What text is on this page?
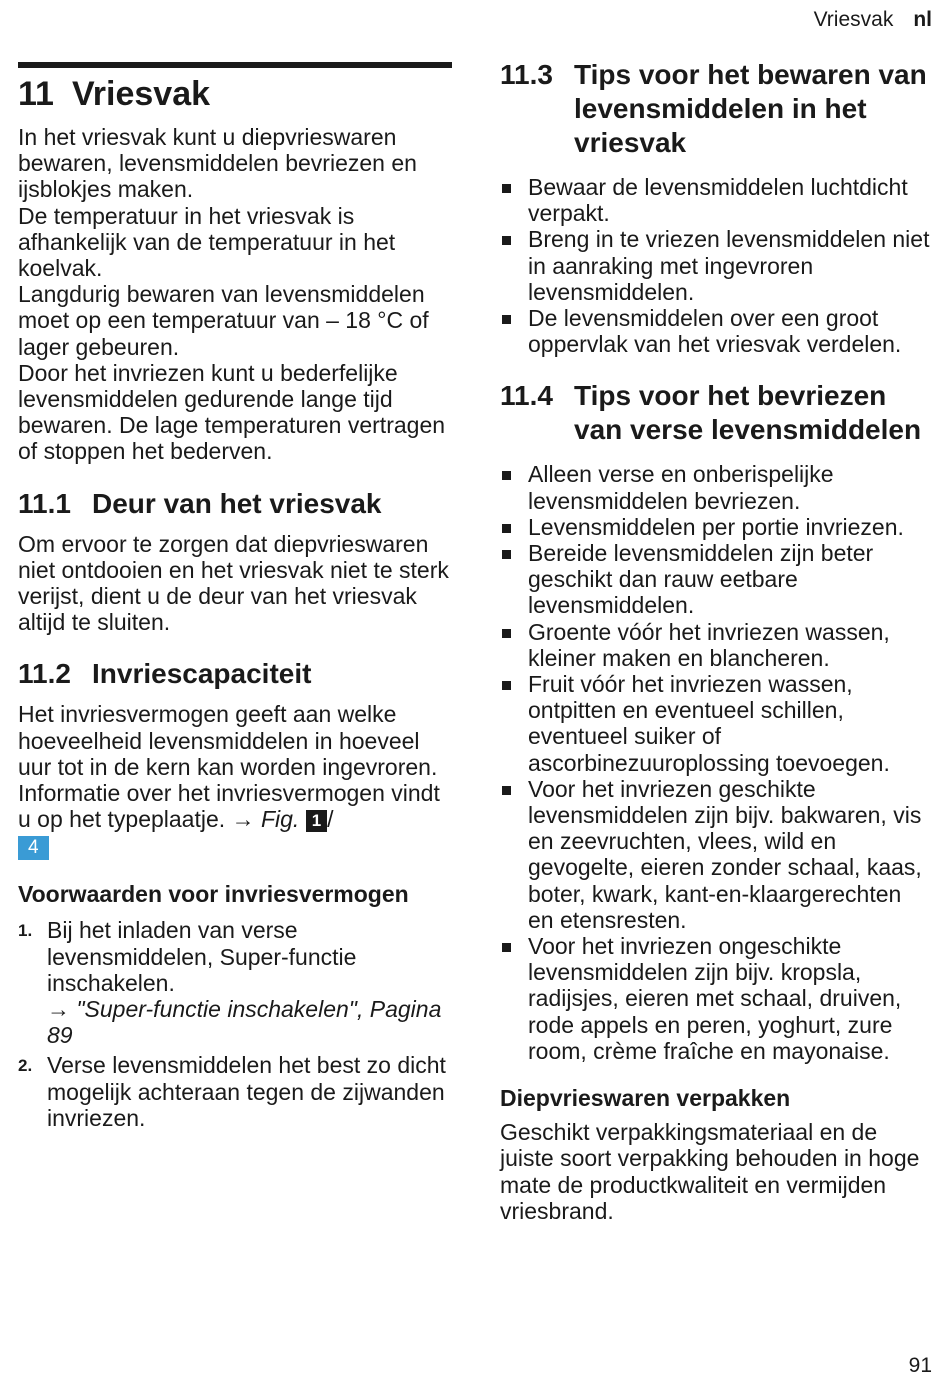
Vriesvak nl
11 Vriesvak

In het vriesvak kunt u diepvrieswaren bewaren, levensmiddelen bevriezen en ijsblokjes maken.

De temperatuur in het vriesvak is afhankelijk van de temperatuur in het koelvak.

Langdurig bewaren van levensmiddelen moet op een temperatuur van – 18 °C of lager gebeuren.

Door het invriezen kunt u bederfelijke levensmiddelen gedurende lange tijd bewaren. De lage temperaturen vertragen of stoppen het bederven.

11.1 Deur van het vriesvak

Om ervoor te zorgen dat diepvrieswaren niet ontdooien en het vriesvak niet te sterk verijst, dient u de deur van het vriesvak altijd te sluiten.

11.2 Invriescapaciteit

Het invriesvermogen geeft aan welke hoeveelheid levensmiddelen in hoeveel uur tot in de kern kan worden ingevroren.

Informatie over het invriesvermogen vindt u op het typeplaatje. → Fig. 1 /

4
Voorwaarden voor invriesvermogen
1. Bij het inladen van verse levensmiddelen, Super-functie inschakelen.
→ "Super-functie inschakelen", Pagina 89
2. Verse levensmiddelen het best zo dicht mogelijk achteraan tegen de zijwanden invriezen.
11.3 Tips voor het bewaren van levensmiddelen in het vriesvak
Bewaar de levensmiddelen luchtdicht verpakt.
Breng in te vriezen levensmiddelen niet in aanraking met ingevroren levensmiddelen.
De levensmiddelen over een groot oppervlak van het vriesvak verdelen.
11.4 Tips voor het bevriezen van verse levensmiddelen
Alleen verse en onberispelijke levensmiddelen bevriezen.
Levensmiddelen per portie invriezen.
Bereide levensmiddelen zijn beter geschikt dan rauw eetbare levensmiddelen.
Groente vóór het invriezen wassen, kleiner maken en blancheren.
Fruit vóór het invriezen wassen, ontpitten en eventueel schillen, eventueel suiker of ascorbinezuuroplossing toevoegen.
Voor het invriezen geschikte levensmiddelen zijn bijv. bakwaren, vis en zeevruchten, vlees, wild en gevogelte, eieren zonder schaal, kaas, boter, kwark, kant-en-klaargerechten en etensresten.
Voor het invriezen ongeschikte levensmiddelen zijn bijv. kropsla, radijsjes, eieren met schaal, druiven, rode appels en peren, yoghurt, zure room, crème fraîche en mayonaise.
Diepvrieswaren verpakken

Geschikt verpakkingsmateriaal en de juiste soort verpakking behouden in hoge mate de productkwaliteit en vermijden vriesbrand.

91
